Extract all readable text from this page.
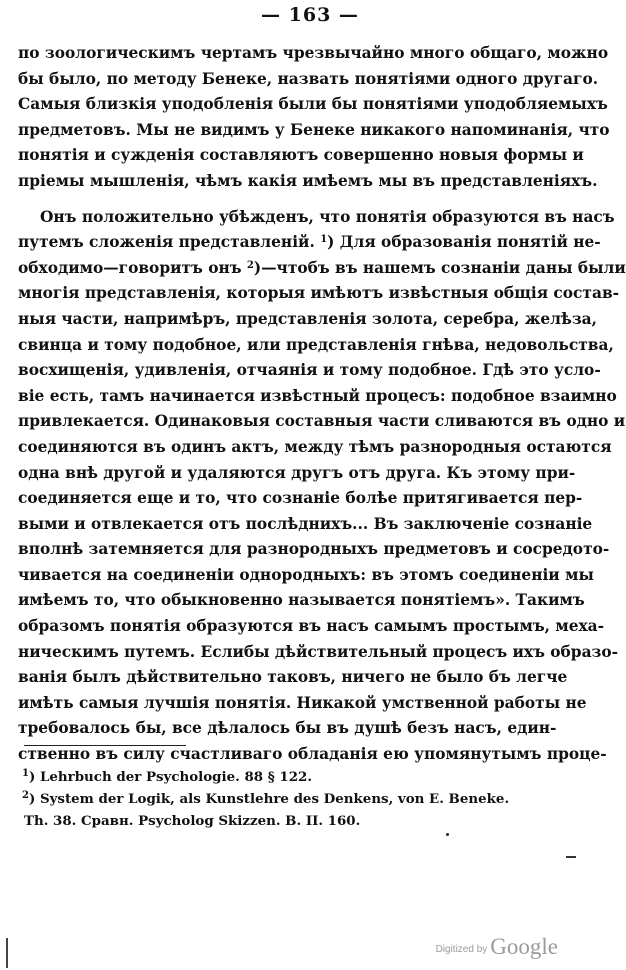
— 163 —
по зоологическимъ чертамъ чрезвычайно много общаго, можно
бы было, по методу Бенеке, назвать понятіями одного другаго.
Самыя близкія уподобленія были бы понятіями уподобляемыхъ
предметовъ. Мы не видимъ у Бенеке никакого напоминанія, что
понятія и сужденія составляютъ совершенно новыя формы и
пріемы мышленія, чѣмъ какія имѣемъ мы въ представленіяхъ.
Онъ положительно убѣжденъ, что понятія образуются въ насъ
путемъ сложенія представленій. $^1$) Для образованія понятій не-
обходимо—говоритъ онъ $^2$)—чтобъ въ нашемъ сознаніи даны были
многія представленія, которыя имѣютъ извѣстныя общія состав-
ныя части, напримѣръ, представленія золота, серебра, желѣза,
свинца и тому подобное, или представленія гнѣва, недовольства,
восхищенія, удивленія, отчаянія и тому подобное. Гдѣ это усло-
віе есть, тамъ начинается извѣстный процесъ: подобное взаимно
привлекается. Одинаковыя составныя части сливаются въ одно и
соединяются въ одинъ актъ, между тѣмъ разнородныя остаются
одна внѣ другой и удаляются другъ отъ друга. Къ этому при-
соединяется еще и то, что сознаніе болѣе притягивается пер-
выми и отвлекается отъ послѣднихъ... Въ заключеніе сознаніе
вполнѣ затемняется для разнородныхъ предметовъ и сосредото-
чивается на соединеніи однородныхъ: въ этомъ соединеніи мы
имѣемъ то, что обыкновенно называется понятіемъ». Такимъ
образомъ понятія образуются въ насъ самымъ простымъ, меха-
ническимъ путемъ. Еслибы дѣйствительный процесъ ихъ образо-
ванія былъ дѣйствительно таковъ, ничего не было бъ легче
имѣть самыя лучшія понятія. Никакой умственной работы не
требовалось бы, все дѣлалось бы въ душѣ безъ насъ, един-
ственно въ силу счастливаго обладанія ею упомянутымъ проце-
$^1$) Lehrbuch der Psychologie. 88 § 122.
$^2$) System der Logik, als Kunstlehre des Denkens, von E. Beneke.
Th. 38. Сравн. Psycholog Skizzen. B. II. 160.
Digitized by Google
